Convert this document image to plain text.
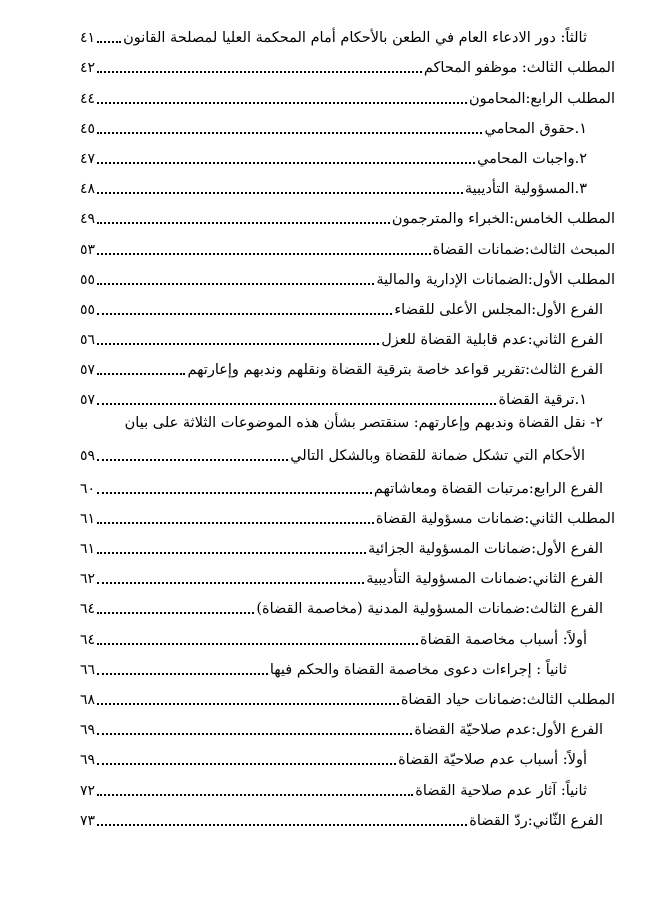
ثالثاً: دور الادعاء العام في الطعن بالأحكام أمام المحكمة العليا لمصلحة القانون
٤١
المطلب الثالث: موظفو المحاكم
٤٢
المطلب الرابع:المحامون
٤٤
١.حقوق المحامي
٤٥
٢.واجبات المحامي
٤٧
٣.المسؤولية التأديبية
٤٨
المطلب الخامس:الخبراء والمترجمون
٤٩
المبحث الثالث:ضمانات القضاة
٥٣
المطلب الأول:الضمانات الإدارية والمالية
٥٥
الفرع الأول:المجلس الأعلى للقضاء
٥٥
الفرع الثاني:عدم قابلية القضاة للعزل
٥٦
الفرع الثالث:تقرير قواعد خاصة بترقية القضاة ونقلهم وندبهم وإعارتهم
٥٧
١.ترقية القضاة
٥٧
٢- نقل القضاة وندبهم وإعارتهم: سنقتصر بشأن هذه الموضوعات الثلاثة على بيان
الأحكام التي تشكل ضمانة للقضاة وبالشكل التالي
٥٩
الفرع الرابع:مرتبات القضاة ومعاشاتهم
٦٠
المطلب الثاني:ضمانات مسؤولية القضاة
٦١
الفرع الأول:ضمانات المسؤولية الجزائية
٦١
الفرع الثاني:ضمانات المسؤولية التأديبية
٦٢
الفرع الثالث:ضمانات المسؤولية المدنية (مخاصمة القضاة)
٦٤
أولاً: أسباب مخاصمة القضاة
٦٤
ثانياً : إجراءات دعوى مخاصمة القضاة والحكم فيها
٦٦
المطلب الثالث:ضمانات حياد القضاة
٦٨
الفرع الأول:عدم صلاحيّة القضاة
٦٩
أولاً: أسباب عدم صلاحيّة القضاة
٦٩
ثانياً: آثار عدم صلاحية القضاة
٧٢
الفرع الثّاني:ردّ القضاة
٧٣
